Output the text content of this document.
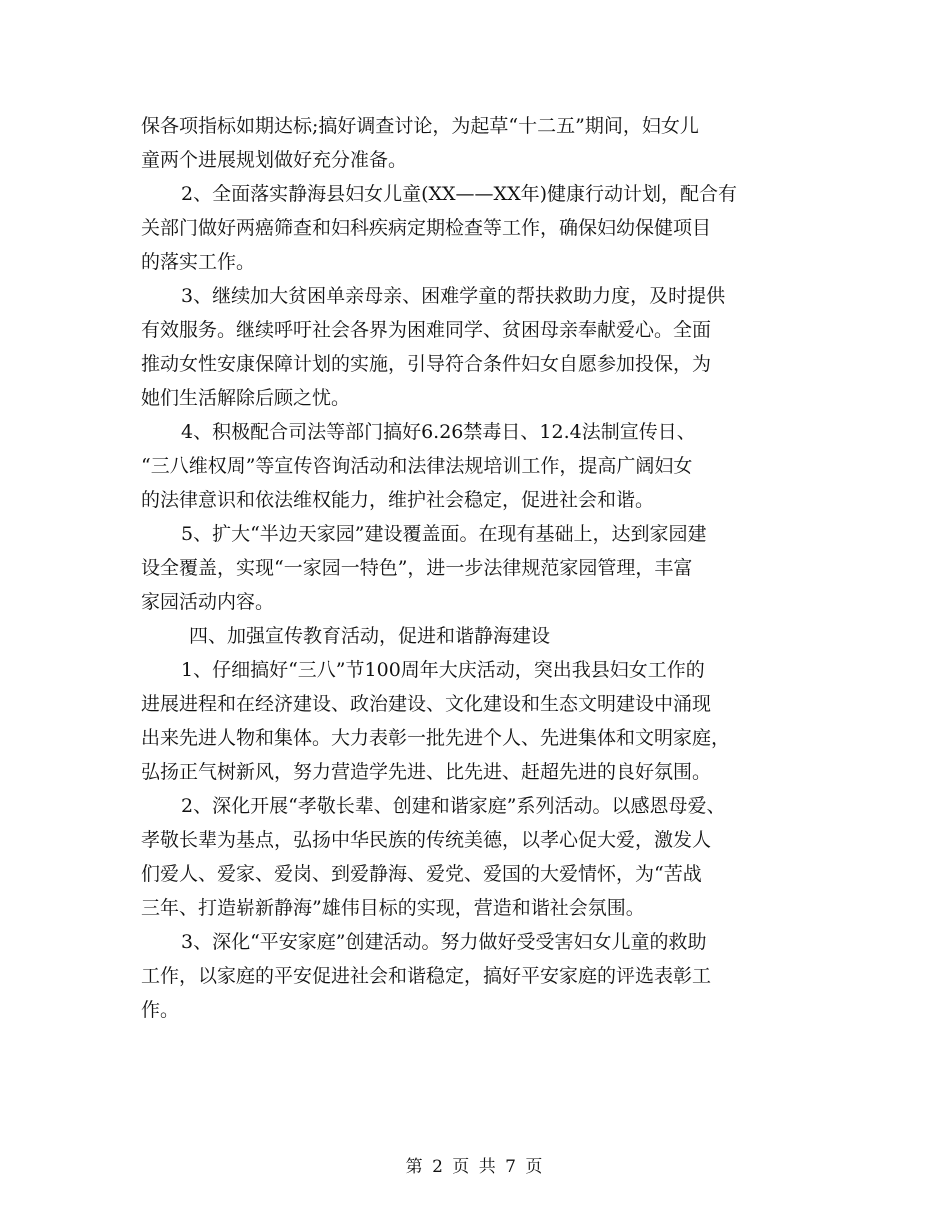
保各项指标如期达标;搞好调查讨论，为起草“十二五”期间，妇女儿
童两个进展规划做好充分准备。
2、全面落实静海县妇女儿童(XX——XX年)健康行动计划，配合有
关部门做好两癌筛查和妇科疾病定期检查等工作，确保妇幼保健项目
的落实工作。
3、继续加大贫困单亲母亲、困难学童的帮扶救助力度，及时提供
有效服务。继续呼吁社会各界为困难同学、贫困母亲奉献爱心。全面
推动女性安康保障计划的实施，引导符合条件妇女自愿参加投保，为
她们生活解除后顾之忧。
4、积极配合司法等部门搞好6.26禁毒日、12.4法制宣传日、
“三八维权周”等宣传咨询活动和法律法规培训工作，提高广阔妇女
的法律意识和依法维权能力，维护社会稳定，促进社会和谐。
5、扩大“半边天家园”建设覆盖面。在现有基础上，达到家园建
设全覆盖，实现“一家园一特色”，进一步法律规范家园管理，丰富
家园活动内容。
四、加强宣传教育活动，促进和谐静海建设
1、仔细搞好“三八”节100周年大庆活动，突出我县妇女工作的
进展进程和在经济建设、政治建设、文化建设和生态文明建设中涌现
出来先进人物和集体。大力表彰一批先进个人、先进集体和文明家庭，
弘扬正气树新风，努力营造学先进、比先进、赶超先进的良好氛围。
2、深化开展“孝敬长辈、创建和谐家庭”系列活动。以感恩母爱、
孝敬长辈为基点，弘扬中华民族的传统美德，以孝心促大爱，激发人
们爱人、爱家、爱岗、到爱静海、爱党、爱国的大爱情怀，为“苦战
三年、打造崭新静海”雄伟目标的实现，营造和谐社会氛围。
3、深化“平安家庭”创建活动。努力做好受受害妇女儿童的救助
工作，以家庭的平安促进社会和谐稳定，搞好平安家庭的评选表彰工
作。
第 2 页 共 7 页
